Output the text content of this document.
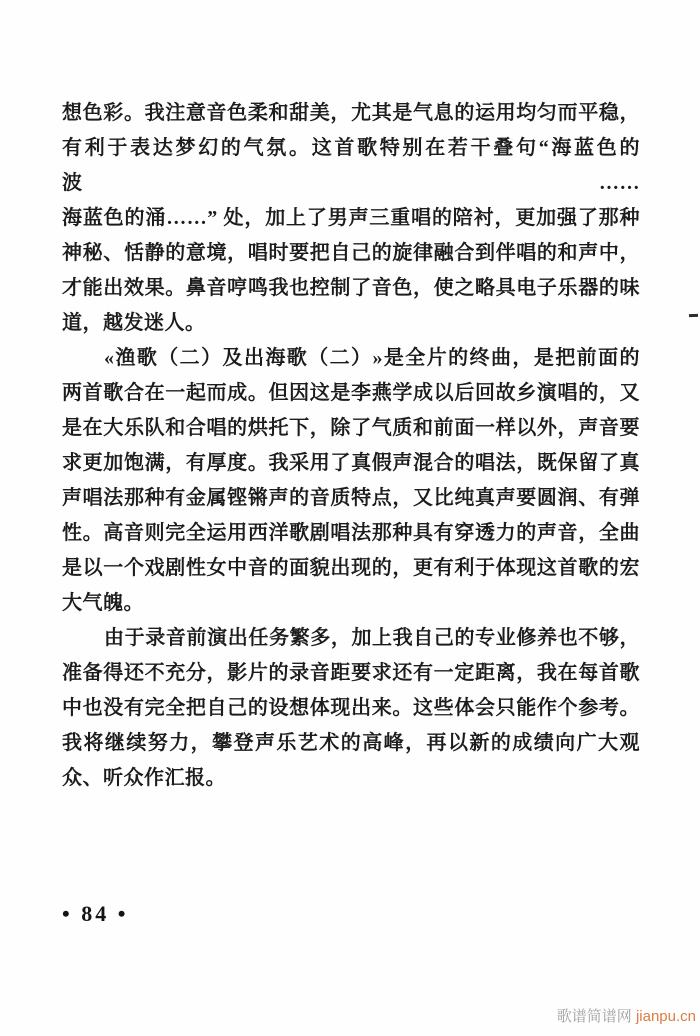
想色彩。我注意音色柔和甜美，尤其是气息的运用均匀而平稳，
有利于表达梦幻的气氛。这首歌特别在若干叠句“海蓝色的波……
海蓝色的涌……” 处，加上了男声三重唱的陪衬，更加强了那种
神秘、恬静的意境，唱时要把自己的旋律融合到伴唱的和声中，
才能出效果。鼻音哼鸣我也控制了音色，使之略具电子乐器的味
道，越发迷人。
«渔歌（二）及出海歌（二）»是全片的终曲，是把前面的
两首歌合在一起而成。但因这是李燕学成以后回故乡演唱的，又
是在大乐队和合唱的烘托下，除了气质和前面一样以外，声音要
求更加饱满，有厚度。我采用了真假声混合的唱法，既保留了真
声唱法那种有金属铿锵声的音质特点，又比纯真声要圆润、有弹
性。高音则完全运用西洋歌剧唱法那种具有穿透力的声音，全曲
是以一个戏剧性女中音的面貌出现的，更有利于体现这首歌的宏
大气魄。
由于录音前演出任务繁多，加上我自己的专业修养也不够，
准备得还不充分，影片的录音距要求还有一定距离，我在每首歌
中也没有完全把自己的设想体现出来。这些体会只能作个参考。
我将继续努力，攀登声乐艺术的高峰，再以新的成绩向广大观
众、听众作汇报。
• 84 •
歌谱简谱网 jianpu.cn
